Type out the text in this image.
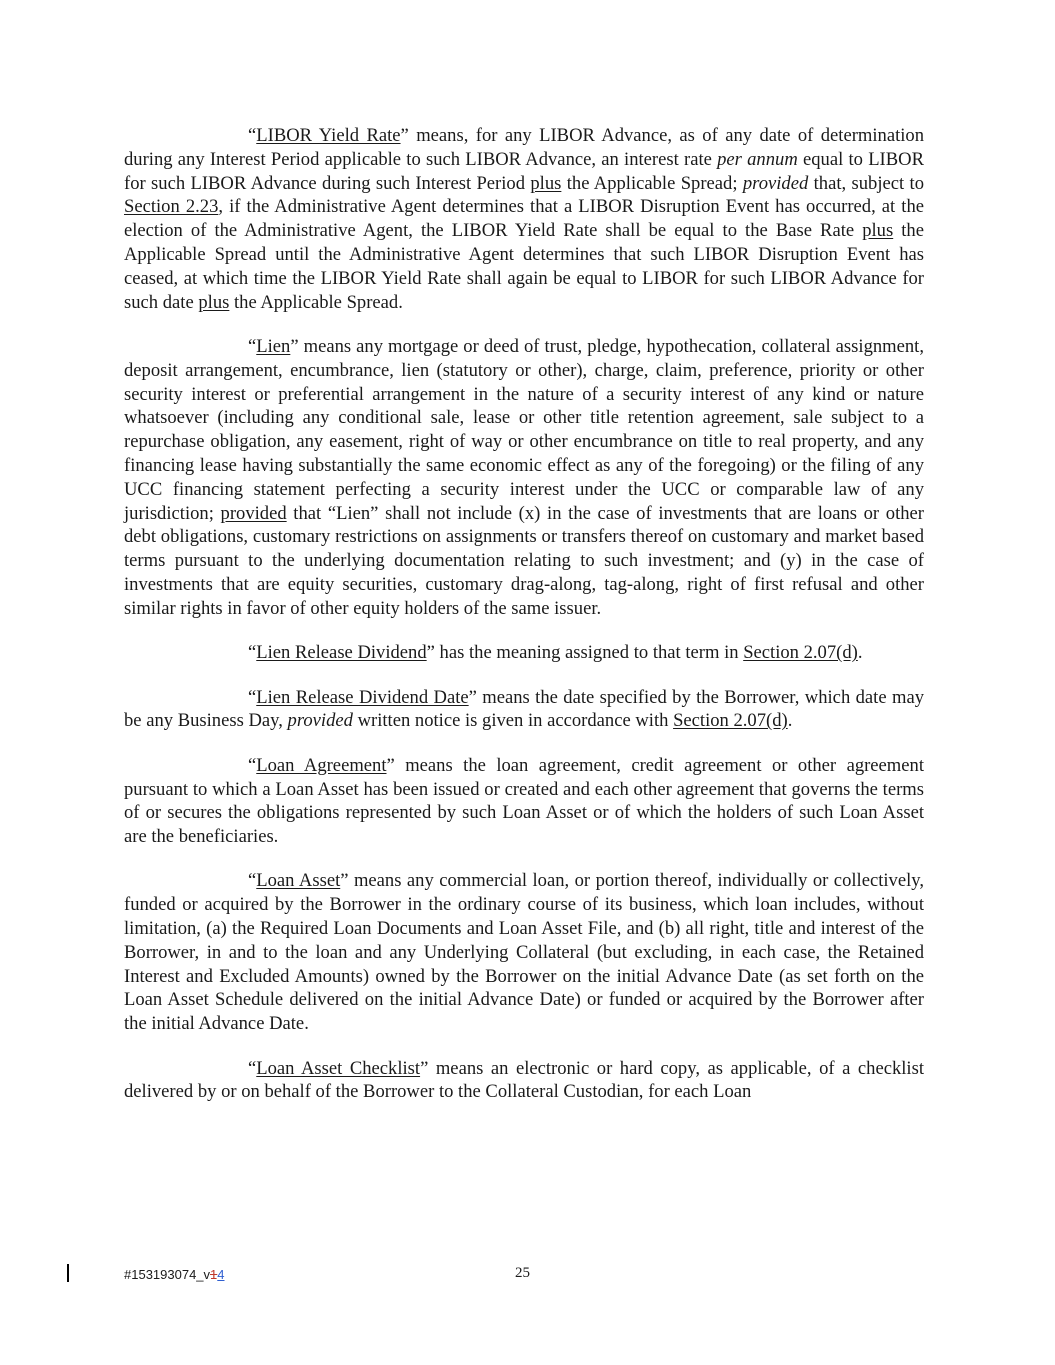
“LIBOR Yield Rate” means, for any LIBOR Advance, as of any date of determination during any Interest Period applicable to such LIBOR Advance, an interest rate per annum equal to LIBOR for such LIBOR Advance during such Interest Period plus the Applicable Spread; provided that, subject to Section 2.23, if the Administrative Agent determines that a LIBOR Disruption Event has occurred, at the election of the Administrative Agent, the LIBOR Yield Rate shall be equal to the Base Rate plus the Applicable Spread until the Administrative Agent determines that such LIBOR Disruption Event has ceased, at which time the LIBOR Yield Rate shall again be equal to LIBOR for such LIBOR Advance for such date plus the Applicable Spread.

“Lien” means any mortgage or deed of trust, pledge, hypothecation, collateral assignment, deposit arrangement, encumbrance, lien (statutory or other), charge, claim, preference, priority or other security interest or preferential arrangement in the nature of a security interest of any kind or nature whatsoever (including any conditional sale, lease or other title retention agreement, sale subject to a repurchase obligation, any easement, right of way or other encumbrance on title to real property, and any financing lease having substantially the same economic effect as any of the foregoing) or the filing of any UCC financing statement perfecting a security interest under the UCC or comparable law of any jurisdiction; provided that “Lien” shall not include (x) in the case of investments that are loans or other debt obligations, customary restrictions on assignments or transfers thereof on customary and market based terms pursuant to the underlying documentation relating to such investment; and (y) in the case of investments that are equity securities, customary drag-along, tag-along, right of first refusal and other similar rights in favor of other equity holders of the same issuer.

“Lien Release Dividend” has the meaning assigned to that term in Section 2.07(d).

“Lien Release Dividend Date” means the date specified by the Borrower, which date may be any Business Day, provided written notice is given in accordance with Section 2.07(d).

“Loan Agreement” means the loan agreement, credit agreement or other agreement pursuant to which a Loan Asset has been issued or created and each other agreement that governs the terms of or secures the obligations represented by such Loan Asset or of which the holders of such Loan Asset are the beneficiaries.

“Loan Asset” means any commercial loan, or portion thereof, individually or collectively, funded or acquired by the Borrower in the ordinary course of its business, which loan includes, without limitation, (a) the Required Loan Documents and Loan Asset File, and (b) all right, title and interest of the Borrower, in and to the loan and any Underlying Collateral (but excluding, in each case, the Retained Interest and Excluded Amounts) owned by the Borrower on the initial Advance Date (as set forth on the Loan Asset Schedule delivered on the initial Advance Date) or funded or acquired by the Borrower after the initial Advance Date.

“Loan Asset Checklist” means an electronic or hard copy, as applicable, of a checklist delivered by or on behalf of the Borrower to the Collateral Custodian, for each Loan

#153193074_v14	25
